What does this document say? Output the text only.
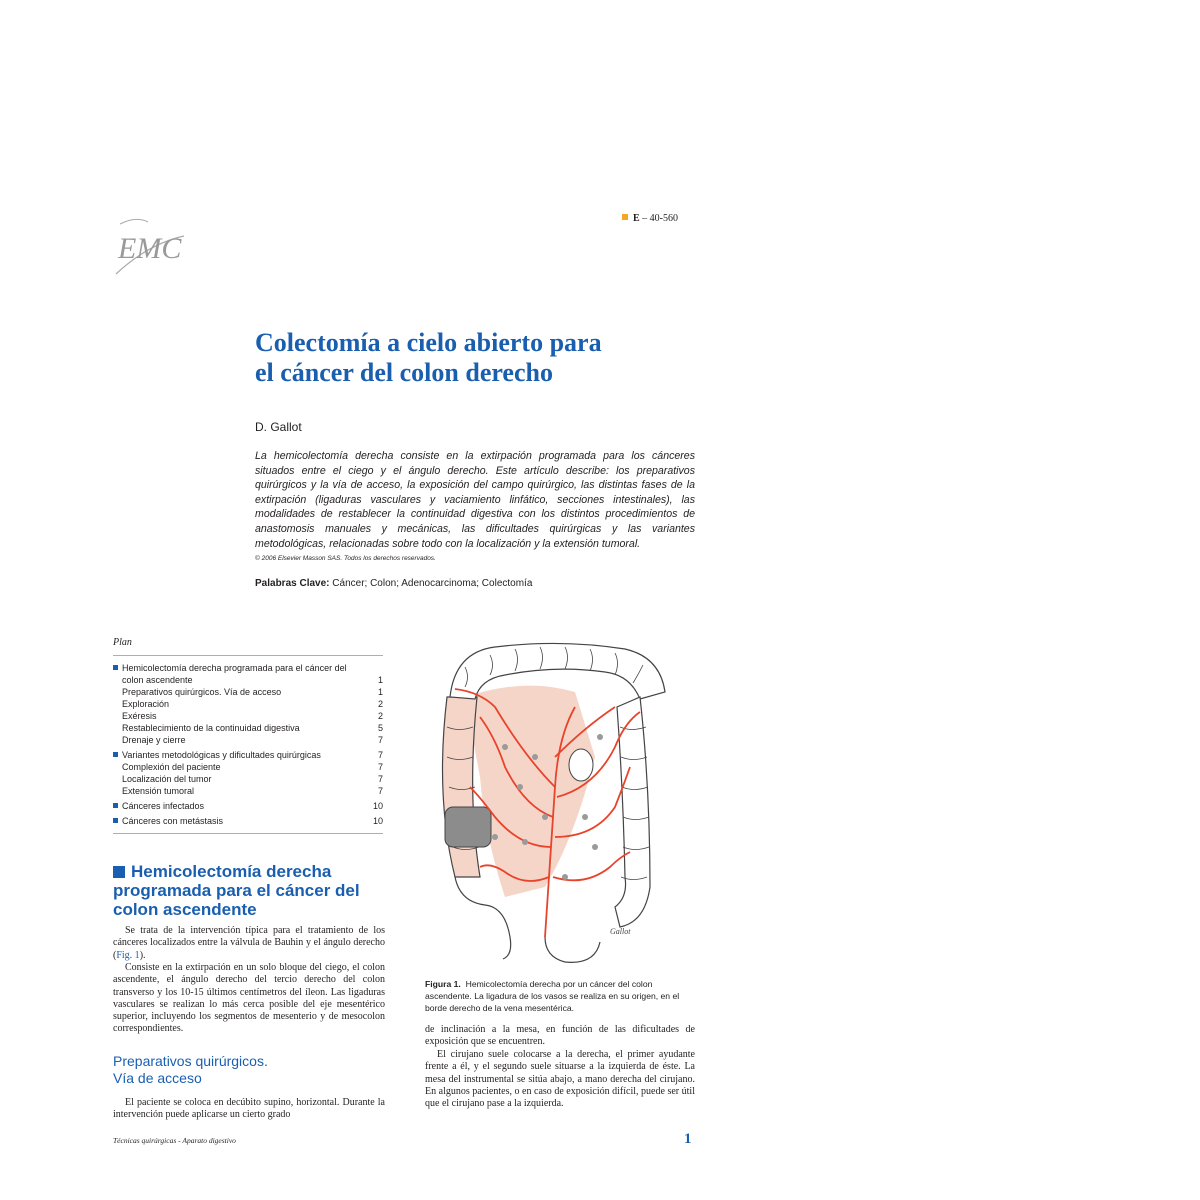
E – 40-560
EMC
Colectomía a cielo abierto para
el cáncer del colon derecho
D. Gallot

La hemicolectomía derecha consiste en la extirpación programada para los cánceres situados entre el ciego y el ángulo derecho. Este artículo describe: los preparativos quirúrgicos y la vía de acceso, la exposición del campo quirúrgico, las distintas fases de la extirpación (ligaduras vasculares y vaciamiento linfático, secciones intestinales), las modalidades de restablecer la continuidad digestiva con los distintos procedimientos de anastomosis manuales y mecánicas, las dificultades quirúrgicas y las variantes metodológicas, relacionadas sobre todo con la localización y la extensión tumoral.

© 2006 Elsevier Masson SAS. Todos los derechos reservados.
Palabras Clave: Cáncer; Colon; Adenocarcinoma; Colectomía
Plan
Hemicolectomía derecha programada para el cáncer del colon ascendente	1
Preparativos quirúrgicos. Vía de acceso	1
Exploración	2
Exéresis	2
Restablecimiento de la continuidad digestiva	5
Drenaje y cierre	7
Variantes metodológicas y dificultades quirúrgicas	7
Complexión del paciente	7
Localización del tumor	7
Extensión tumoral	7
Cánceres infectados	10
Cánceres con metástasis	10
Hemicolectomía derecha programada para el cáncer del colon ascendente

Se trata de la intervención típica para el tratamiento de los cánceres localizados entre la válvula de Bauhin y el ángulo derecho (Fig. 1).

Consiste en la extirpación en un solo bloque del ciego, el colon ascendente, el ángulo derecho del tercio derecho del colon transverso y los 10-15 últimos centímetros del íleon. Las ligaduras vasculares se realizan lo más cerca posible del eje mesentérico superior, incluyendo los segmentos de mesenterio y de mesocolon correspondientes.

Preparativos quirúrgicos.
Vía de acceso

El paciente se coloca en decúbito supino, horizontal. Durante la intervención puede aplicarse un cierto grado

Gallot

Figura 1. Hemicolectomía derecha por un cáncer del colon ascendente. La ligadura de los vasos se realiza en su origen, en el borde derecho de la vena mesentérica.

de inclinación a la mesa, en función de las dificultades de exposición que se encuentren.

El cirujano suele colocarse a la derecha, el primer ayudante frente a él, y el segundo suele situarse a la izquierda de éste. La mesa del instrumental se sitúa abajo, a mano derecha del cirujano. En algunos pacientes, o en caso de exposición difícil, puede ser útil que el cirujano pase a la izquierda.

Técnicas quirúrgicas - Aparato digestivo	1
